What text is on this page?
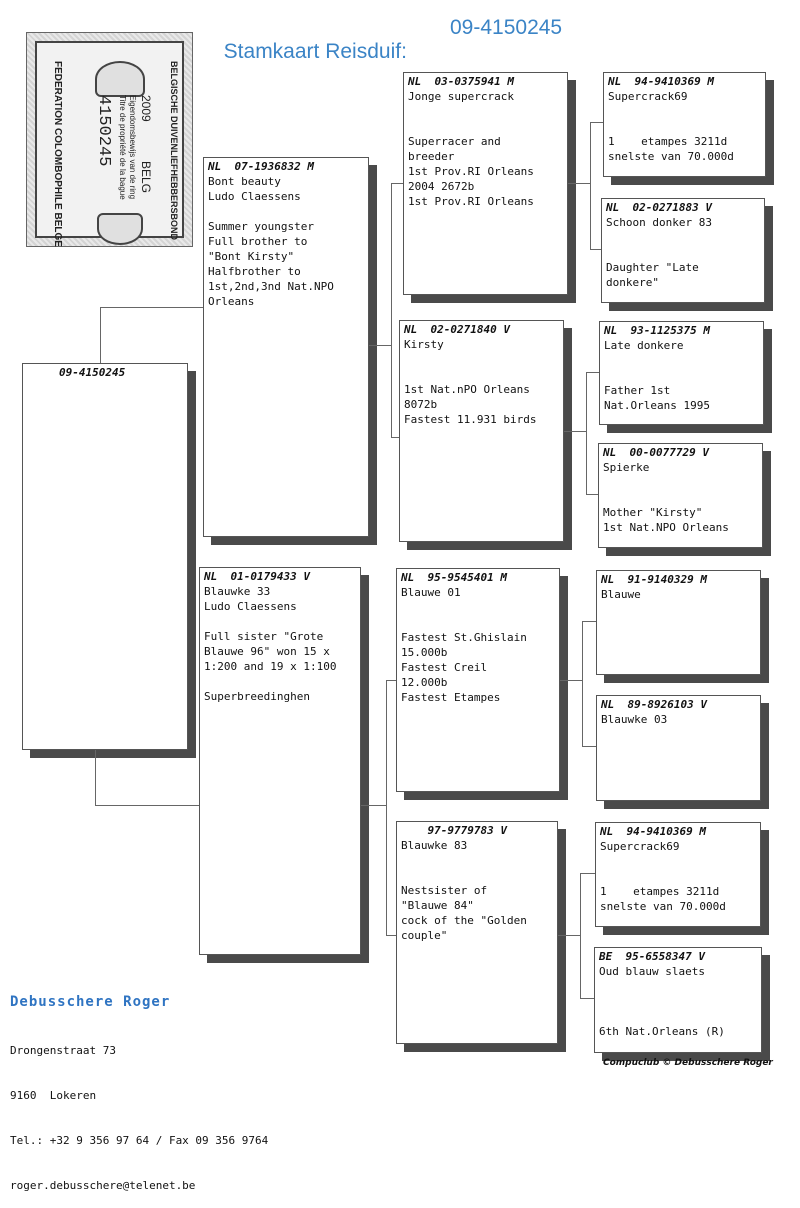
Stamkaart Reisduif:

09-4150245

FEDERATION COLOMBOPHILE BELGE	BELGISCHE DUIVENLIEFHEBBERSBOND
Eigendomsbewijs van de ring
Titre de propriété de la bague 2009
BELG
4150245
09-4150245
NL  07-1936832 M
Bont beauty
Ludo Claessens
Summer youngster
Full brother to
"Bont Kirsty"
Halfbrother to
1st,2nd,3nd Nat.NPO
Orleans
NL  01-0179433 V
Blauwke 33
Ludo Claessens
Full sister "Grote
Blauwe 96" won 15 x
1:200 and 19 x 1:100
Superbreedinghen
NL  03-0375941 M
Jonge supercrack
Superracer and
breeder
1st Prov.RI Orleans
2004 2672b
1st Prov.RI Orleans
NL  02-0271840 V
Kirsty
1st Nat.nPO Orleans
8072b
Fastest 11.931 birds
NL  95-9545401 M
Blauwe 01
Fastest St.Ghislain
15.000b
Fastest Creil
12.000b
Fastest Etampes
97-9779783 V
Blauwke 83
Nestsister of
"Blauwe 84"
cock of the "Golden
couple"
NL  94-9410369 M
Supercrack69
1    etampes 3211d
snelste van 70.000d
NL  02-0271883 V
Schoon donker 83
Daughter "Late
donkere"
NL  93-1125375 M
Late donkere
Father 1st
Nat.Orleans 1995
NL  00-0077729 V
Spierke
Mother "Kirsty"
1st Nat.NPO Orleans
NL  91-9140329 M
Blauwe
NL  89-8926103 V
Blauwke 03
NL  94-9410369 M
Supercrack69
1    etampes 3211d
snelste van 70.000d
BE  95-6558347 V
Oud blauw slaets
6th Nat.Orleans (R)

Debusschere Roger

Drongenstraat 73

9160  Lokeren

Tel.: +32 9 356 97 64 / Fax 09 356 9764

roger.debusschere@telenet.be

Compuclub © Debusschere Roger
